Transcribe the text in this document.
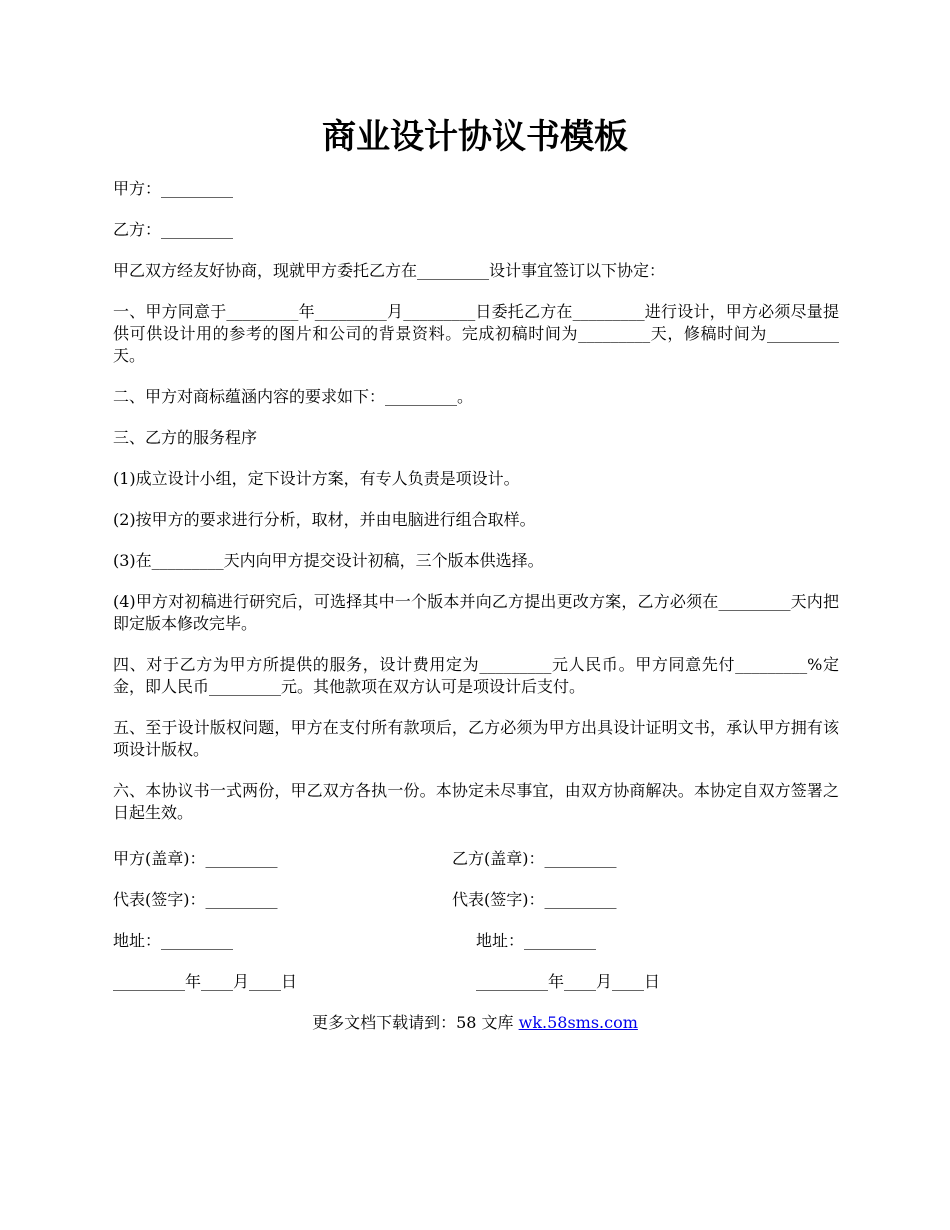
商业设计协议书模板

甲方：_________

乙方：_________

甲乙双方经友好协商，现就甲方委托乙方在_________设计事宜签订以下协定：

一、甲方同意于_________年_________月_________日委托乙方在_________进行设计，甲方必须尽量提供可供设计用的参考的图片和公司的背景资料。完成初稿时间为_________天，修稿时间为_________天。

二、甲方对商标蕴涵内容的要求如下：_________。

三、乙方的服务程序

(1)成立设计小组，定下设计方案，有专人负责是项设计。

(2)按甲方的要求进行分析，取材，并由电脑进行组合取样。

(3)在_________天内向甲方提交设计初稿，三个版本供选择。

(4)甲方对初稿进行研究后，可选择其中一个版本并向乙方提出更改方案，乙方必须在_________天内把即定版本修改完毕。

四、对于乙方为甲方所提供的服务，设计费用定为_________元人民币。甲方同意先付_________%定金，即人民币_________元。其他款项在双方认可是项设计后支付。

五、至于设计版权问题，甲方在支付所有款项后，乙方必须为甲方出具设计证明文书，承认甲方拥有该项设计版权。

六、本协议书一式两份，甲乙双方各执一份。本协定未尽事宜，由双方协商解决。本协定自双方签署之日起生效。

甲方(盖章)：_________	乙方(盖章)：_________
代表(签字)：_________	代表(签字)：_________
地址：_________	地址：_________
_________年____月____日	_________年____月____日
更多文档下载请到：58 文库 wk.58sms.com
